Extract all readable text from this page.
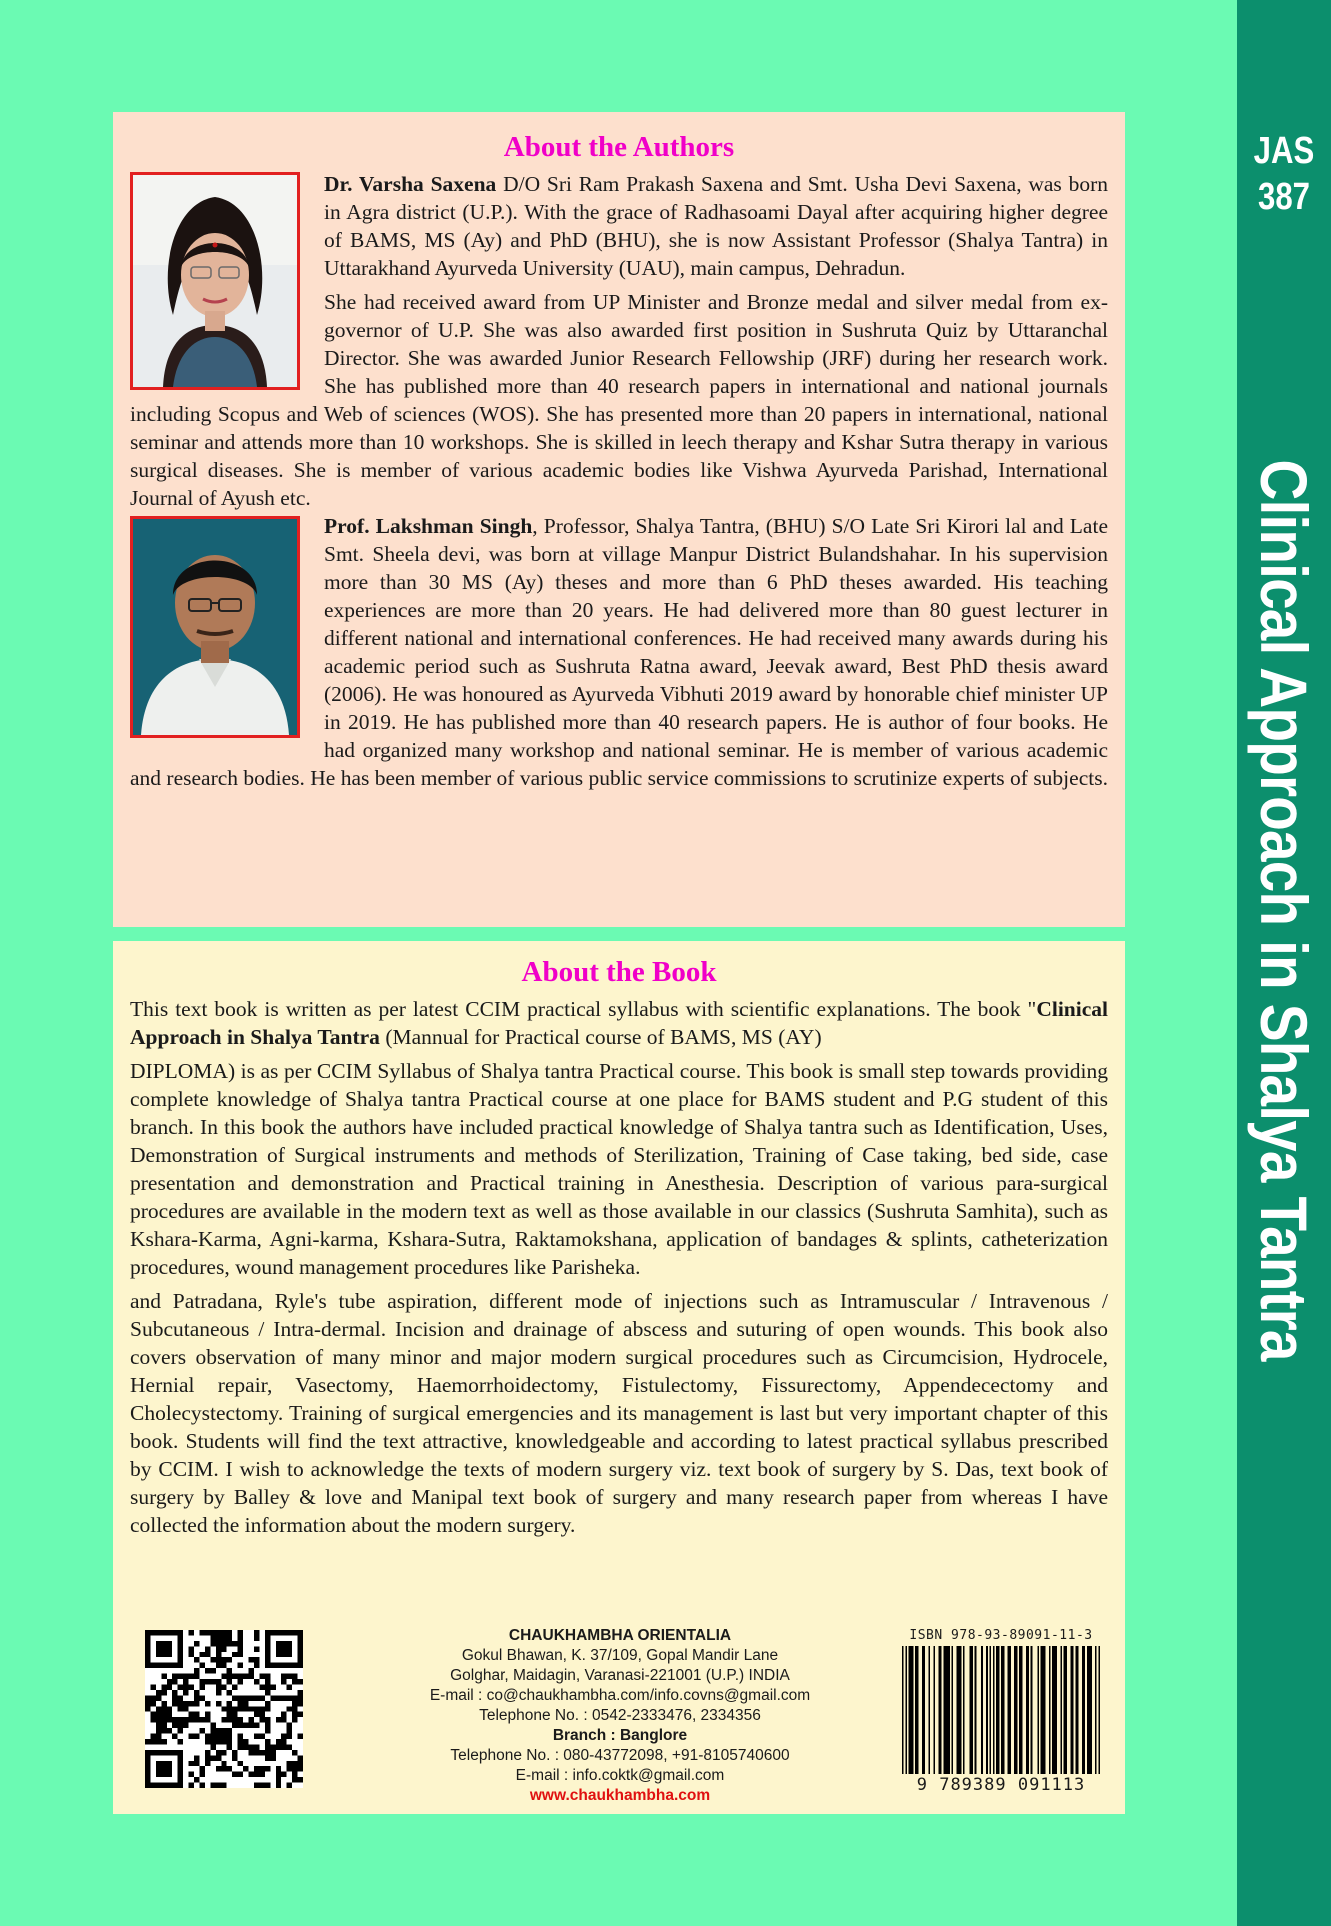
JAS
387
Clinical Approach in Shalya Tantra
About the Authors

Dr. Varsha Saxena D/O Sri Ram Prakash Saxena and Smt. Usha Devi Saxena, was born in Agra district (U.P.). With the grace of Radhasoami Dayal after acquiring higher degree of BAMS, MS (Ay) and PhD (BHU), she is now Assistant Professor (Shalya Tantra) in Uttarakhand Ayurveda University (UAU), main campus, Dehradun.

She had received award from UP Minister and Bronze medal and silver medal from ex-governor of U.P. She was also awarded first position in Sushruta Quiz by Uttaranchal Director. She was awarded Junior Research Fellowship (JRF) during her research work. She has published more than 40 research papers in international and national journals including Scopus and Web of sciences (WOS). She has presented more than 20 papers in international, national seminar and attends more than 10 workshops. She is skilled in leech therapy and Kshar Sutra therapy in various surgical diseases. She is member of various academic bodies like Vishwa Ayurveda Parishad, International Journal of Ayush etc.

Prof. Lakshman Singh, Professor, Shalya Tantra, (BHU) S/O Late Sri Kirori lal and Late Smt. Sheela devi, was born at village Manpur District Bulandshahar. In his supervision more than 30 MS (Ay) theses and more than 6 PhD theses awarded. His teaching experiences are more than 20 years. He had delivered more than 80 guest lecturer in different national and international conferences. He had received many awards during his academic period such as Sushruta Ratna award, Jeevak award, Best PhD thesis award (2006). He was honoured as Ayurveda Vibhuti 2019 award by honorable chief minister UP in 2019. He has published more than 40 research papers. He is author of four books. He had organized many workshop and national seminar. He is member of various academic and research bodies. He has been member of various public service commissions to scrutinize experts of subjects.

About the Book

This text book is written as per latest CCIM practical syllabus with scientific explanations. The book "Clinical Approach in Shalya Tantra (Mannual for Practical course of BAMS, MS (AY)

DIPLOMA) is as per CCIM Syllabus of Shalya tantra Practical course. This book is small step towards providing complete knowledge of Shalya tantra Practical course at one place for BAMS student and P.G student of this branch. In this book the authors have included practical knowledge of Shalya tantra such as Identification, Uses, Demonstration of Surgical instruments and methods of Sterilization, Training of Case taking, bed side, case presentation and demonstration and Practical training in Anesthesia. Description of various para-surgical procedures are available in the modern text as well as those available in our classics (Sushruta Samhita), such as Kshara-Karma, Agni-karma, Kshara-Sutra, Raktamokshana, application of bandages & splints, catheterization procedures, wound management procedures like Parisheka.

and Patradana, Ryle's tube aspiration, different mode of injections such as Intramuscular / Intravenous / Subcutaneous / Intra-dermal. Incision and drainage of abscess and suturing of open wounds. This book also covers observation of many minor and major modern surgical procedures such as Circumcision, Hydrocele, Hernial repair, Vasectomy, Haemorrhoidectomy, Fistulectomy, Fissurectomy, Appendecectomy and Cholecystectomy. Training of surgical emergencies and its management is last but very important chapter of this book. Students will find the text attractive, knowledgeable and according to latest practical syllabus prescribed by CCIM. I wish to acknowledge the texts of modern surgery viz. text book of surgery by S. Das, text book of surgery by Balley & love and Manipal text book of surgery and many research paper from whereas I have collected the information about the modern surgery.

CHAUKHAMBHA ORIENTALIA
Gokul Bhawan, K. 37/109, Gopal Mandir Lane
Golghar, Maidagin, Varanasi-221001 (U.P.) INDIA
E-mail : co@chaukhambha.com/info.covns@gmail.com
Telephone No. : 0542-2333476, 2334356
Branch : Banglore
Telephone No. : 080-43772098, +91-8105740600
E-mail : info.coktk@gmail.com
www.chaukhambha.com
ISBN 978-93-89091-11-3
9 789389 091113
